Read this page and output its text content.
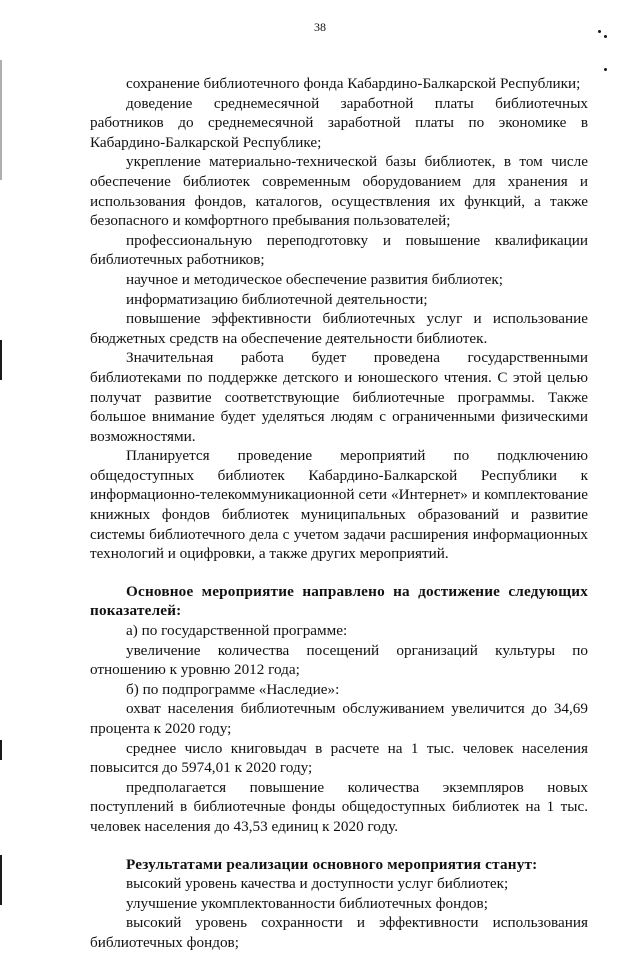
38

сохранение библиотечного фонда Кабардино-Балкарской Республики;

доведение среднемесячной заработной платы библиотечных работников до среднемесячной заработной платы по экономике в Кабардино-Балкарской Республике;

укрепление материально-технической базы библиотек, в том числе обеспечение библиотек современным оборудованием для хранения и использования фондов, каталогов, осуществления их функций, а также безопасного и комфортного пребывания пользователей;

профессиональную переподготовку и повышение квалификации библиотечных работников;

научное и методическое обеспечение развития библиотек;

информатизацию библиотечной деятельности;

повышение эффективности библиотечных услуг и использование бюджетных средств на обеспечение деятельности библиотек.

Значительная работа будет проведена государственными библиотеками по поддержке детского и юношеского чтения. С этой целью получат развитие соответствующие библиотечные программы. Также большое внимание будет уделяться людям с ограниченными физическими возможностями.

Планируется проведение мероприятий по подключению общедоступных библиотек Кабардино-Балкарской Республики к информационно-телекоммуникационной сети «Интернет» и комплектование книжных фондов библиотек муниципальных образований и развитие системы библиотечного дела с учетом задачи расширения информационных технологий и оцифровки, а также других мероприятий.

Основное мероприятие направлено на достижение следующих показателей:

а) по государственной программе:

увеличение количества посещений организаций культуры по отношению к уровню 2012 года;

б) по подпрограмме «Наследие»:

охват населения библиотечным обслуживанием увеличится до 34,69 процента к 2020 году;

среднее число книговыдач в расчете на 1 тыс. человек населения повысится до 5974,01 к 2020 году;

предполагается повышение количества экземпляров новых поступлений в библиотечные фонды общедоступных библиотек на 1 тыс. человек населения до 43,53 единиц к 2020 году.

Результатами реализации основного мероприятия станут:

высокий уровень качества и доступности услуг библиотек;

улучшение укомплектованности библиотечных фондов;

высокий уровень сохранности и эффективности использования библиотечных фондов;
